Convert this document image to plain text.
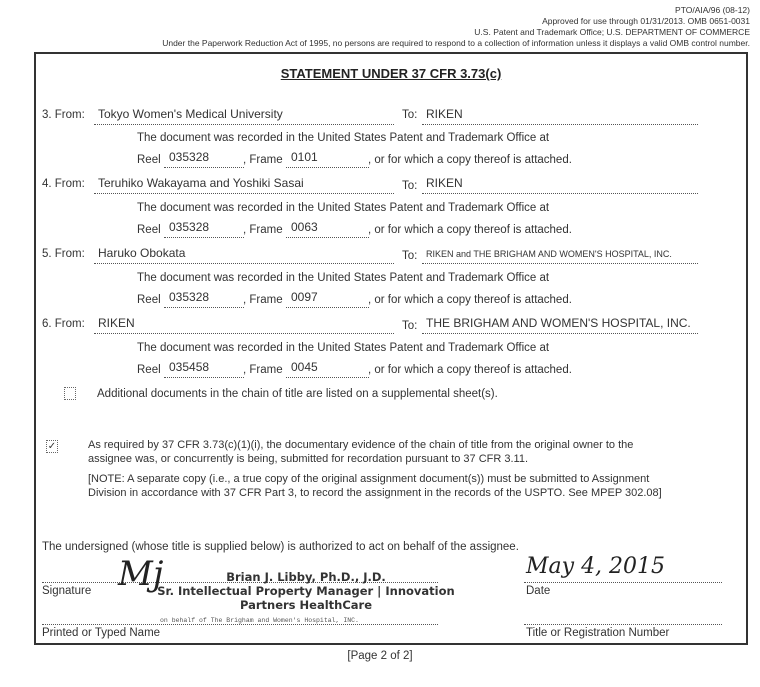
PTO/AIA/96 (08-12)
Approved for use through 01/31/2013. OMB 0651-0031
U.S. Patent and Trademark Office; U.S. DEPARTMENT OF COMMERCE
Under the Paperwork Reduction Act of 1995, no persons are required to respond to a collection of information unless it displays a valid OMB control number.
STATEMENT UNDER 37 CFR 3.73(c)
3. From: Tokyo Women's Medical University	To: RIKEN
The document was recorded in the United States Patent and Trademark Office at
Reel 035328	, Frame 0101	, or for which a copy thereof is attached.
4. From: Teruhiko Wakayama and Yoshiki Sasai	To: RIKEN
The document was recorded in the United States Patent and Trademark Office at
Reel 035328	, Frame 0063	, or for which a copy thereof is attached.
5. From: Haruko Obokata	To: RIKEN and THE BRIGHAM AND WOMEN'S HOSPITAL, INC.
The document was recorded in the United States Patent and Trademark Office at
Reel 035328	, Frame 0097	, or for which a copy thereof is attached.
6. From: RIKEN	To: THE BRIGHAM AND WOMEN'S HOSPITAL, INC.
The document was recorded in the United States Patent and Trademark Office at
Reel 035458	, Frame 0045	, or for which a copy thereof is attached.
Additional documents in the chain of title are listed on a supplemental sheet(s).
✓	As required by 37 CFR 3.73(c)(1)(i), the documentary evidence of the chain of title from the original owner to the
assignee was, or concurrently is being, submitted for recordation pursuant to 37 CFR 3.11.
[NOTE: A separate copy (i.e., a true copy of the original assignment document(s)) must be submitted to Assignment
Division in accordance with 37 CFR Part 3, to record the assignment in the records of the USPTO. See MPEP 302.08]
The undersigned (whose title is supplied below) is authorized to act on behalf of the assignee.
Signature Mj	Brian J. Libby, Ph.D., J.D.
Sr. Intellectual Property Manager | Innovation
Partners HealthCare
May 4, 2015
Date
on behalf of The Brigham and Women's Hospital, INC.
Printed or Typed Name	Title or Registration Number
[Page 2 of 2]
